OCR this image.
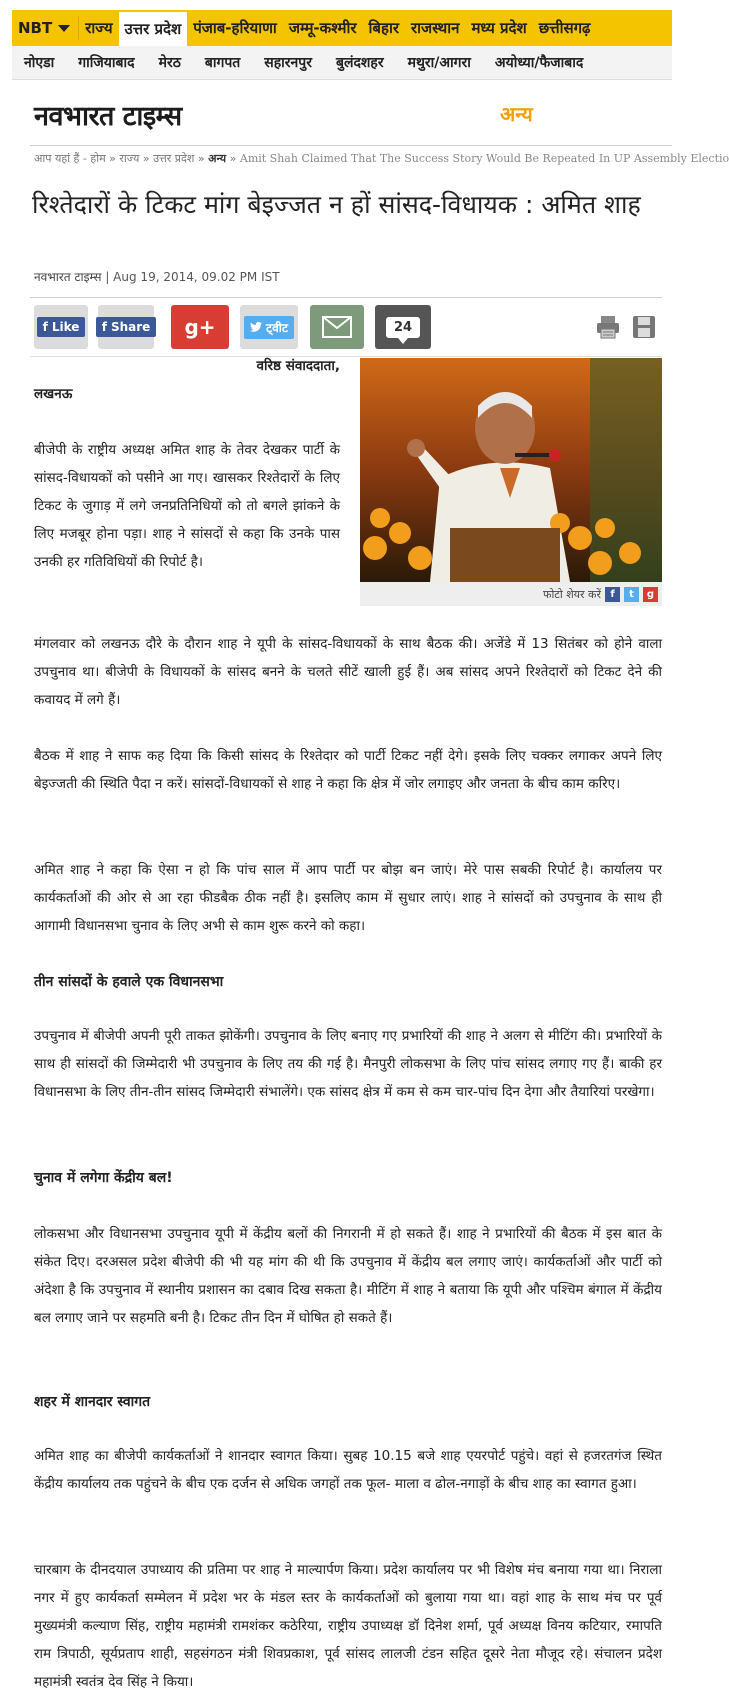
NBT	राज्य उत्तर प्रदेश पंजाब-हरियाणा जम्मू-कश्मीर बिहार राजस्थान मध्य प्रदेश छत्तीसगढ़
नोएडा	गाजियाबाद	मेरठ	बागपत	सहारनपुर	बुलंदशहर	मथुरा/आगरा	अयोध्या/फैजाबाद
नवभारत टाइम्स	अन्य
आप यहां हैं - होम » राज्य » उत्तर प्रदेश » अन्य » Amit Shah Claimed That The Success Story Would Be Repeated In UP Assembly Electio
रिश्तेदारों के टिकट मांग बेइज्जत न हों सांसद-विधायक : अमित शाह
नवभारत टाइम्स | Aug 19, 2014, 09.02 PM IST
f Like f Share g+	ट्वीट	24
वरिष्ठ संवाददाता,
लखनऊ
फोटो शेयर करें f	t	g

बीजेपी के राष्ट्रीय अध्यक्ष अमित शाह के तेवर देखकर पार्टी के सांसद-विधायकों को पसीने आ गए। खासकर रिश्तेदारों के लिए टिकट के जुगाड़ में लगे जनप्रतिनिधियों को तो बगले झांकने के लिए मजबूर होना पड़ा। शाह ने सांसदों से कहा कि उनके पास उनकी हर गतिविधियों की रिपोर्ट है।

मंगलवार को लखनऊ दौरे के दौरान शाह ने यूपी के सांसद-विधायकों के साथ बैठक की। अजेंडे में 13 सितंबर को होने वाला उपचुनाव था। बीजेपी के विधायकों के सांसद बनने के चलते सीटें खाली हुई हैं। अब सांसद अपने रिश्तेदारों को टिकट देने की कवायद में लगे हैं।

बैठक में शाह ने साफ कह दिया कि किसी सांसद के रिश्तेदार को पार्टी टिकट नहीं देगे। इसके लिए चक्कर लगाकर अपने लिए बेइज्जती की स्थिति पैदा न करें। सांसदों-विधायकों से शाह ने कहा कि क्षेत्र में जोर लगाइए और जनता के बीच काम करिए।

अमित शाह ने कहा कि ऐसा न हो कि पांच साल में आप पार्टी पर बोझ बन जाएं। मेरे पास सबकी रिपोर्ट है। कार्यालय पर कार्यकर्ताओं की ओर से आ रहा फीडबैक ठीक नहीं है। इसलिए काम में सुधार लाएं। शाह ने सांसदों को उपचुनाव के साथ ही आगामी विधानसभा चुनाव के लिए अभी से काम शुरू करने को कहा।

तीन सांसदों के हवाले एक विधानसभा

उपचुनाव में बीजेपी अपनी पूरी ताकत झोकेंगी। उपचुनाव के लिए बनाए गए प्रभारियों की शाह ने अलग से मीटिंग की। प्रभारियों के साथ ही सांसदों की जिम्मेदारी भी उपचुनाव के लिए तय की गई है। मैनपुरी लोकसभा के लिए पांच सांसद लगाए गए हैं। बाकी हर विधानसभा के लिए तीन-तीन सांसद जिम्मेदारी संभालेंगे। एक सांसद क्षेत्र में कम से कम चार-पांच दिन देगा और तैयारियां परखेगा।

चुनाव में लगेगा केंद्रीय बल!

लोकसभा और विधानसभा उपचुनाव यूपी में केंद्रीय बलों की निगरानी में हो सकते हैं। शाह ने प्रभारियों की बैठक में इस बात के संकेत दिए। दरअसल प्रदेश बीजेपी की भी यह मांग की थी कि उपचुनाव में केंद्रीय बल लगाए जाएं। कार्यकर्ताओं और पार्टी को अंदेशा है कि उपचुनाव में स्थानीय प्रशासन का दबाव दिख सकता है। मीटिंग में शाह ने बताया कि यूपी और पश्चिम बंगाल में केंद्रीय बल लगाए जाने पर सहमति बनी है। टिकट तीन दिन में घोषित हो सकते हैं।

शहर में शानदार स्वागत

अमित शाह का बीजेपी कार्यकर्ताओं ने शानदार स्वागत किया। सुबह 10.15 बजे शाह एयरपोर्ट पहुंचे। वहां से हजरतगंज स्थित केंद्रीय कार्यालय तक पहुंचने के बीच एक दर्जन से अधिक जगहों तक फूल- माला व ढोल-नगाड़ों के बीच शाह का स्वागत हुआ।

चारबाग के दीनदयाल उपाध्याय की प्रतिमा पर शाह ने माल्यार्पण किया। प्रदेश कार्यालय पर भी विशेष मंच बनाया गया था। निराला नगर में हुए कार्यकर्ता सम्मेलन में प्रदेश भर के मंडल स्तर के कार्यकर्ताओं को बुलाया गया था। वहां शाह के साथ मंच पर पूर्व मुख्यमंत्री कल्याण सिंह, राष्ट्रीय महामंत्री रामशंकर कठेरिया, राष्ट्रीय उपाध्यक्ष डॉ दिनेश शर्मा, पूर्व अध्यक्ष विनय कटियार, रमापति राम त्रिपाठी, सूर्यप्रताप शाही, सहसंगठन मंत्री शिवप्रकाश, पूर्व सांसद लालजी टंडन सहित दूसरे नेता मौजूद रहे। संचालन प्रदेश महामंत्री स्वतंत्र देव सिंह ने किया।
